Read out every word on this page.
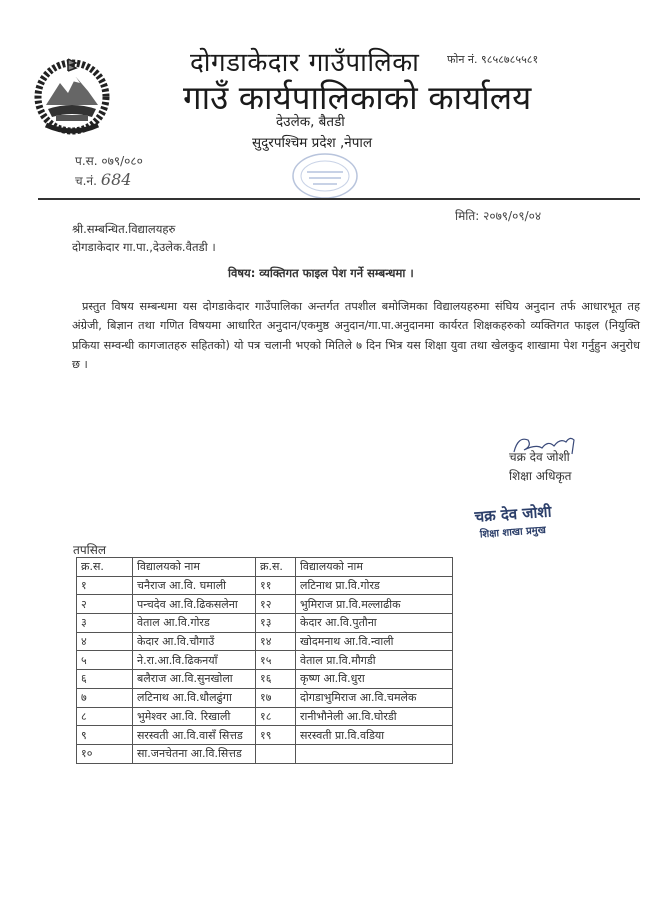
दोगडाकेदार गाउँपालिका	फोन नं. ९८५८७८५५८१
गाउँ कार्यपालिकाको कार्यालय
देउलेक, बैतडी
सुदुरपश्चिम प्रदेश ,नेपाल
प.स. ०७९/०८०
च.नं. 684
मिति: २०७९/०९/०४
श्री.सम्बन्धित.विद्यालयहरु
दोगडाकेदार गा.पा.,देउलेक.वैतडी ।
विषय: व्यक्तिगत फाइल पेश गर्ने सम्बन्धमा ।
प्रस्तुत विषय सम्बन्धमा यस दोगडाकेदार गाउँपालिका अन्तर्गत तपशील बमोजिमका विद्यालयहरुमा संघिय अनुदान तर्फ आधारभूत तह अंग्रेजी, बिज्ञान तथा गणित विषयमा आधारित अनुदान/एकमुष्ठ अनुदान/गा.पा.अनुदानमा कार्यरत शिक्षकहरुको व्यक्तिगत फाइल (नियुक्ति प्रकिया सम्वन्धी कागजातहरु सहितको) यो पत्र चलानी भएको मितिले ७ दिन भित्र यस शिक्षा युवा तथा खेलकुद शाखामा पेश गर्नुहुन अनुरोध छ ।
चक्र देव जोशी
शिक्षा अधिकृत
चक्र देव जोशी
शिक्षा शाखा प्रमुख
तपसिल
क्र.स.	विद्यालयको नाम	क्र.स.	विद्यालयको नाम
१	चनैराज आ.वि. घमाली	११	लटिनाथ प्रा.वि.गोरड
२	पन्चदेव आ.वि.ढिकसलेना	१२	भुमिराज प्रा.वि.मल्लाढीक
३	वेताल आ.वि.गोरड	१३	केदार आ.वि.पुतौना
४	केदार आ.वि.चौगाउँ	१४	खोदमनाथ आ.वि.न्वाली
५	ने.रा.आ.वि.ढिकनयाँ	१५	वेताल प्रा.वि.मौगडी
६	बलैराज आ.वि.सुनखोला	१६	कृष्ण आ.वि.धुरा
७	लटिनाथ आ.वि.धौलढुंगा	१७	दोगडाभुमिराज आ.वि.चमलेक
८	भुमेश्वर आ.वि. रिखाली	१८	रानीभौनेली आ.वि.घोरडी
९	सरस्वती आ.वि.वासँ सित्तड	१९	सरस्वती प्रा.वि.वडिया
१०	सा.जनचेतना आ.वि.सित्तड		
